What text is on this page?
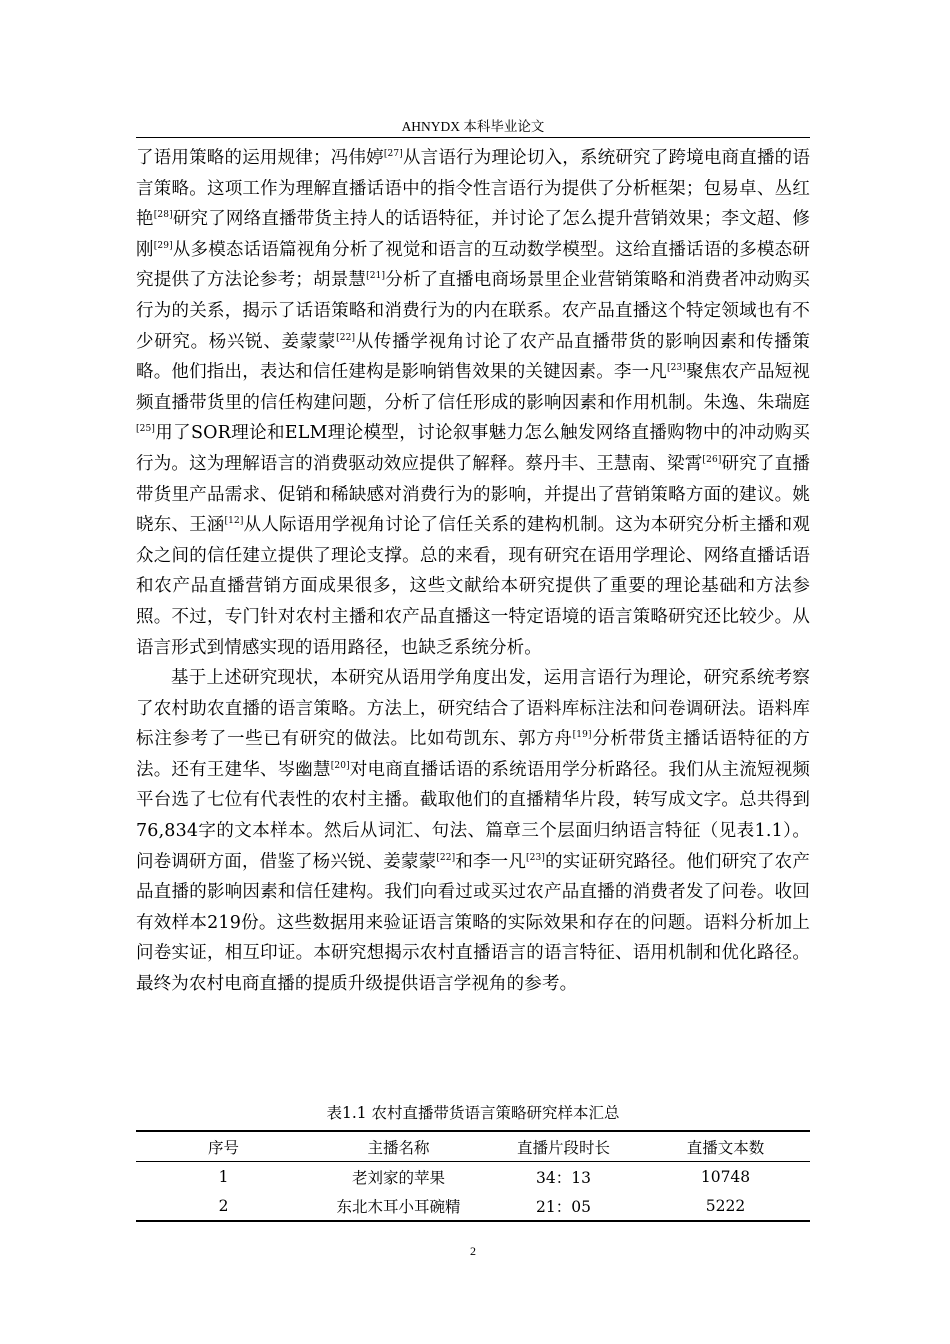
AHNYDX 本科毕业论文

了语用策略的运用规律；冯伟婷[27]从言语行为理论切入，系统研究了跨境电商直播的语言策略。这项工作为理解直播话语中的指令性言语行为提供了分析框架；包易卓、丛红艳[28]研究了网络直播带货主持人的话语特征，并讨论了怎么提升营销效果；李文超、修刚[29]从多模态话语篇视角分析了视觉和语言的互动数学模型。这给直播话语的多模态研究提供了方法论参考；胡景慧[21]分析了直播电商场景里企业营销策略和消费者冲动购买行为的关系，揭示了话语策略和消费行为的内在联系。农产品直播这个特定领域也有不少研究。杨兴锐、姜蒙蒙[22]从传播学视角讨论了农产品直播带货的影响因素和传播策略。他们指出，表达和信任建构是影响销售效果的关键因素。李一凡[23]聚焦农产品短视频直播带货里的信任构建问题，分析了信任形成的影响因素和作用机制。朱逸、朱瑞庭[25]用了SOR理论和ELM理论模型，讨论叙事魅力怎么触发网络直播购物中的冲动购买行为。这为理解语言的消费驱动效应提供了解释。蔡丹丰、王慧南、梁霄[26]研究了直播带货里产品需求、促销和稀缺感对消费行为的影响，并提出了营销策略方面的建议。姚晓东、王涵[12]从人际语用学视角讨论了信任关系的建构机制。这为本研究分析主播和观众之间的信任建立提供了理论支撑。总的来看，现有研究在语用学理论、网络直播话语和农产品直播营销方面成果很多，这些文献给本研究提供了重要的理论基础和方法参照。不过，专门针对农村主播和农产品直播这一特定语境的语言策略研究还比较少。从语言形式到情感实现的语用路径，也缺乏系统分析。

基于上述研究现状，本研究从语用学角度出发，运用言语行为理论，研究系统考察了农村助农直播的语言策略。方法上，研究结合了语料库标注法和问卷调研法。语料库标注参考了一些已有研究的做法。比如苟凯东、郭方舟[19]分析带货主播话语特征的方法。还有王建华、岑幽慧[20]对电商直播话语的系统语用学分析路径。我们从主流短视频平台选了七位有代表性的农村主播。截取他们的直播精华片段，转写成文字。总共得到76,834字的文本样本。然后从词汇、句法、篇章三个层面归纳语言特征（见表1.1）。问卷调研方面，借鉴了杨兴锐、姜蒙蒙[22]和李一凡[23]的实证研究路径。他们研究了农产品直播的影响因素和信任建构。我们向看过或买过农产品直播的消费者发了问卷。收回有效样本219份。这些数据用来验证语言策略的实际效果和存在的问题。语料分析加上问卷实证，相互印证。本研究想揭示农村直播语言的语言特征、语用机制和优化路径。最终为农村电商直播的提质升级提供语言学视角的参考。

表1.1 农村直播带货语言策略研究样本汇总
序号	主播名称	直播片段时长	直播文本数
1	老刘家的苹果	34：13	10748
2	东北木耳小耳碗精	21：05	5222
2
